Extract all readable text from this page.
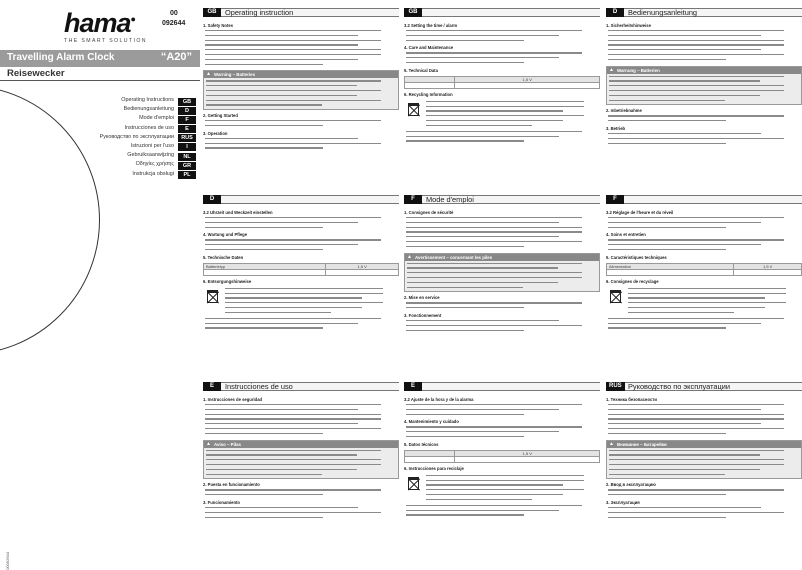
hama●
THE SMART SOLUTION
00
092644
Travelling Alarm Clock	“A20”
Reisewecker
Operating Instructions	GB
Bedienungsanleitung	D
Mode d'emploi	F
Instrucciones de uso	E
Руководство по эксплуатации	RUS
Istruzioni per l'uso	I
Gebruiksaanwijzing	NL
Οδηγίες χρήσης	GR
Instrukcja obsługi	PL
00092644
GB	Operating instruction
1. Safety Notes
▲ Warning – Batteries
2. Getting Started
3. Operation
GB
3.2 Setting the time / alarm
4. Care and Maintenance
5. Technical Data

	1,5 V

6. Recycling Information
D	Bedienungsanleitung
1. Sicherheitshinweise
▲ Warnung – Batterien
2. Inbetriebnahme
3. Betrieb
D
3.2 Uhrzeit und Weckzeit einstellen
4. Wartung und Pflege
5. Technische Daten
Batterietyp	1,5 V

6. Entsorgungshinweise
F	Mode d'emploi
1. Consignes de sécurité
▲ Avertissement – concernant les piles
2. Mise en service
3. Fonctionnement
F
3.2 Réglage de l'heure et du réveil
4. Soins et entretien
5. Caractéristiques techniques
Alimentation	1,5 V

6. Consignes de recyclage
E	Instrucciones de uso
1. Instrucciones de seguridad
▲ Aviso – Pilas
2. Puesta en funcionamiento
3. Funcionamiento
E
3.2 Ajuste de la hora y de la alarma
4. Mantenimiento y cuidado
5. Datos técnicos

	1,5 V

6. Instrucciones para reciclaje
RUS Руководство по эксплуатации
1. Техника безопасности
▲ Внимание – Батарейки
2. Ввод в эксплуатацию
3. Эксплуатация
